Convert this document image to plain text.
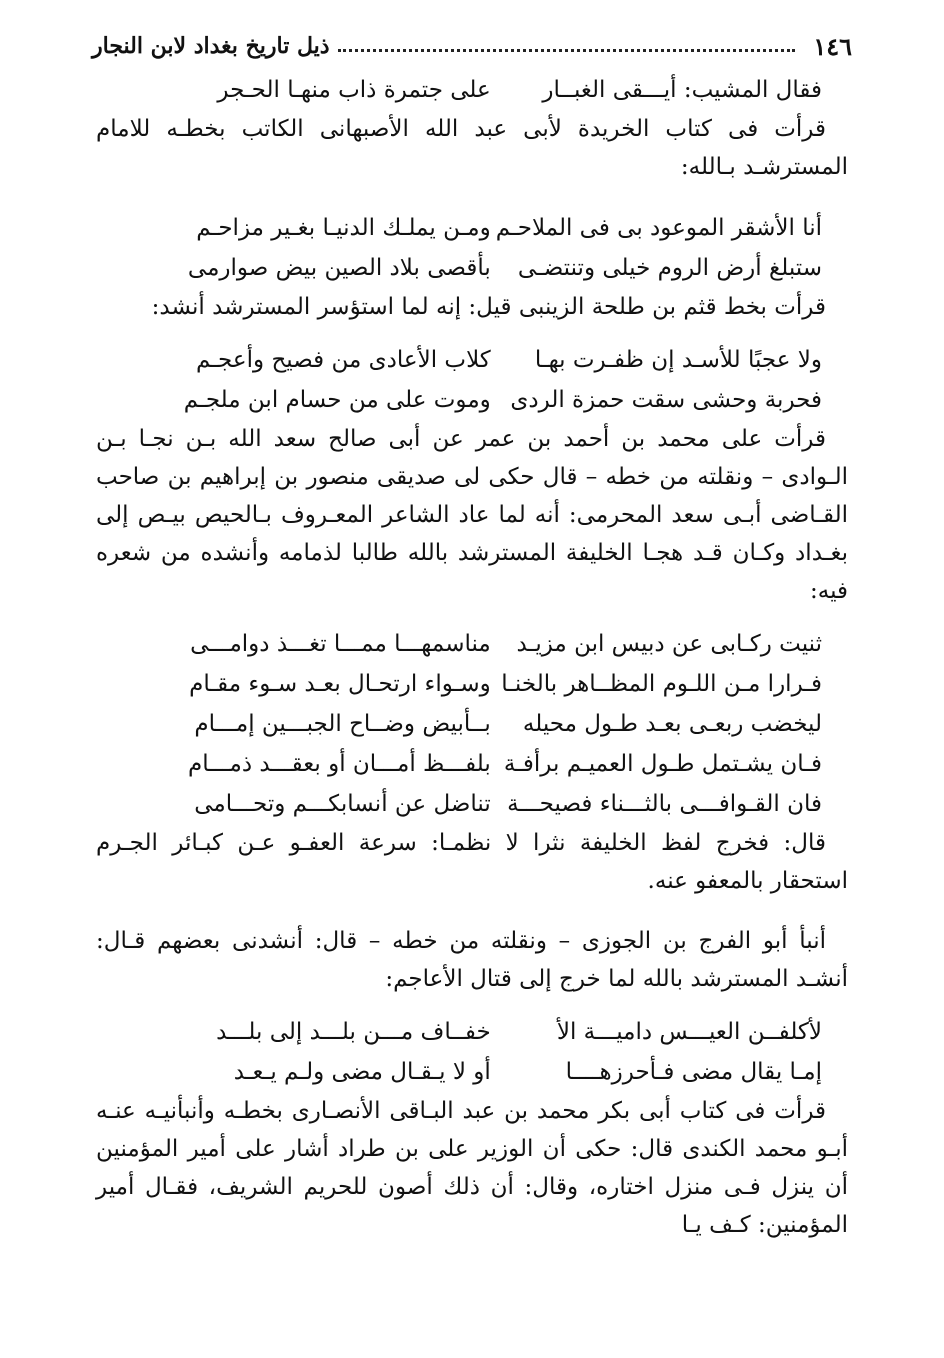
١٤٦
ذيل تاريخ بغداد لابن النجار
فقال المشيب: أيـــقى الغبــار
على جتمرة ذاب منهـا الحـجر

قرأت فى كتاب الخريدة لأبى عبد الله الأصبهانى الكاتب بخطـه للامام المسترشـد بـالله:

أنا الأشقر الموعود بى فى الملاحـم
ومـن يملـك الدنيـا بغـير مزاحـم
ستبلغ أرض الروم خيلى وتنتضـى
بأقصى بلاد الصين بيض صوارمى

قرأت بخط قثم بن طلحة الزينبى قيل: إنه لما استؤسر المسترشد أنشد:

ولا عجبًا للأسـد إن ظفـرت بهـا
كلاب الأعادى من فصيح وأعجـم
فحربة وحشى سقت حمزة الردى
وموت على من حسام ابن ملجـم

قرأت على محمد بن أحمد بن عمر عن أبى صالح سعد الله بـن نجـا بـن الـوادى – ونقلته من خطه – قال حكى لى صديقى منصور بن إبراهيم بن صاحب القـاضى أبـى سعد المحرمى: أنه لما عاد الشاعر المعـروف بـالحيص بيـص إلى بغـداد وكـان قـد هجـا الخليفة المسترشد بالله طالبا لذمامه وأنشده من شعره فيه:

ثنيت ركـابى عن دبيس ابن مزيـد
مناسمهـــا ممـــا تغـــذ دوامـــى
فـرارا مـن اللـوم المظــاهر بالخنـا
وسـواء ارتحـال بعـد سـوء مقـام
ليخضب ربعـى بعـد طـول محيله
بــأبيض وضــاح الجبـــين إمـــام
فـان يشـتمل طـول العميـم برأفـة
بلفـــظ أمـــان أو بعقـــد ذمـــام
فان القـوافـــى بالثـــناء فصيحـــة
تناضل عن أنسابكـــم وتحـــامى

قال: فخرج لفظ الخليفة نثرا لا نظمـا: سرعة العفـو عـن كبـائر الجـرم استحقار بالمعفو عنه.

أنبأ أبو الفرج بن الجوزى – ونقلته من خطه – قال: أنشدنى بعضهم قـال: أنشـد المسترشد بالله لما خرج إلى قتال الأعاجم:

لأكلفــن العيـــس داميـــة الأ
خفــاف مـــن بلـــد إلى بلـــد
إمـا يقال مضى فـأحرزهــــا
أو لا يـقـال مضى ولـم يـعـد

قرأت فى كتاب أبى بكر محمد بن عبد البـاقى الأنصـارى بخطـه وأنبأنيـه عنـه أبـو محمد الكندى قال: حكى أن الوزير على بن طراد أشار على أمير المؤمنين أن ينزل فـى منزل اختاره، وقال: أن ذلك أصون للحريم الشريف، فقـال أمير المؤمنين: كـف يـا
